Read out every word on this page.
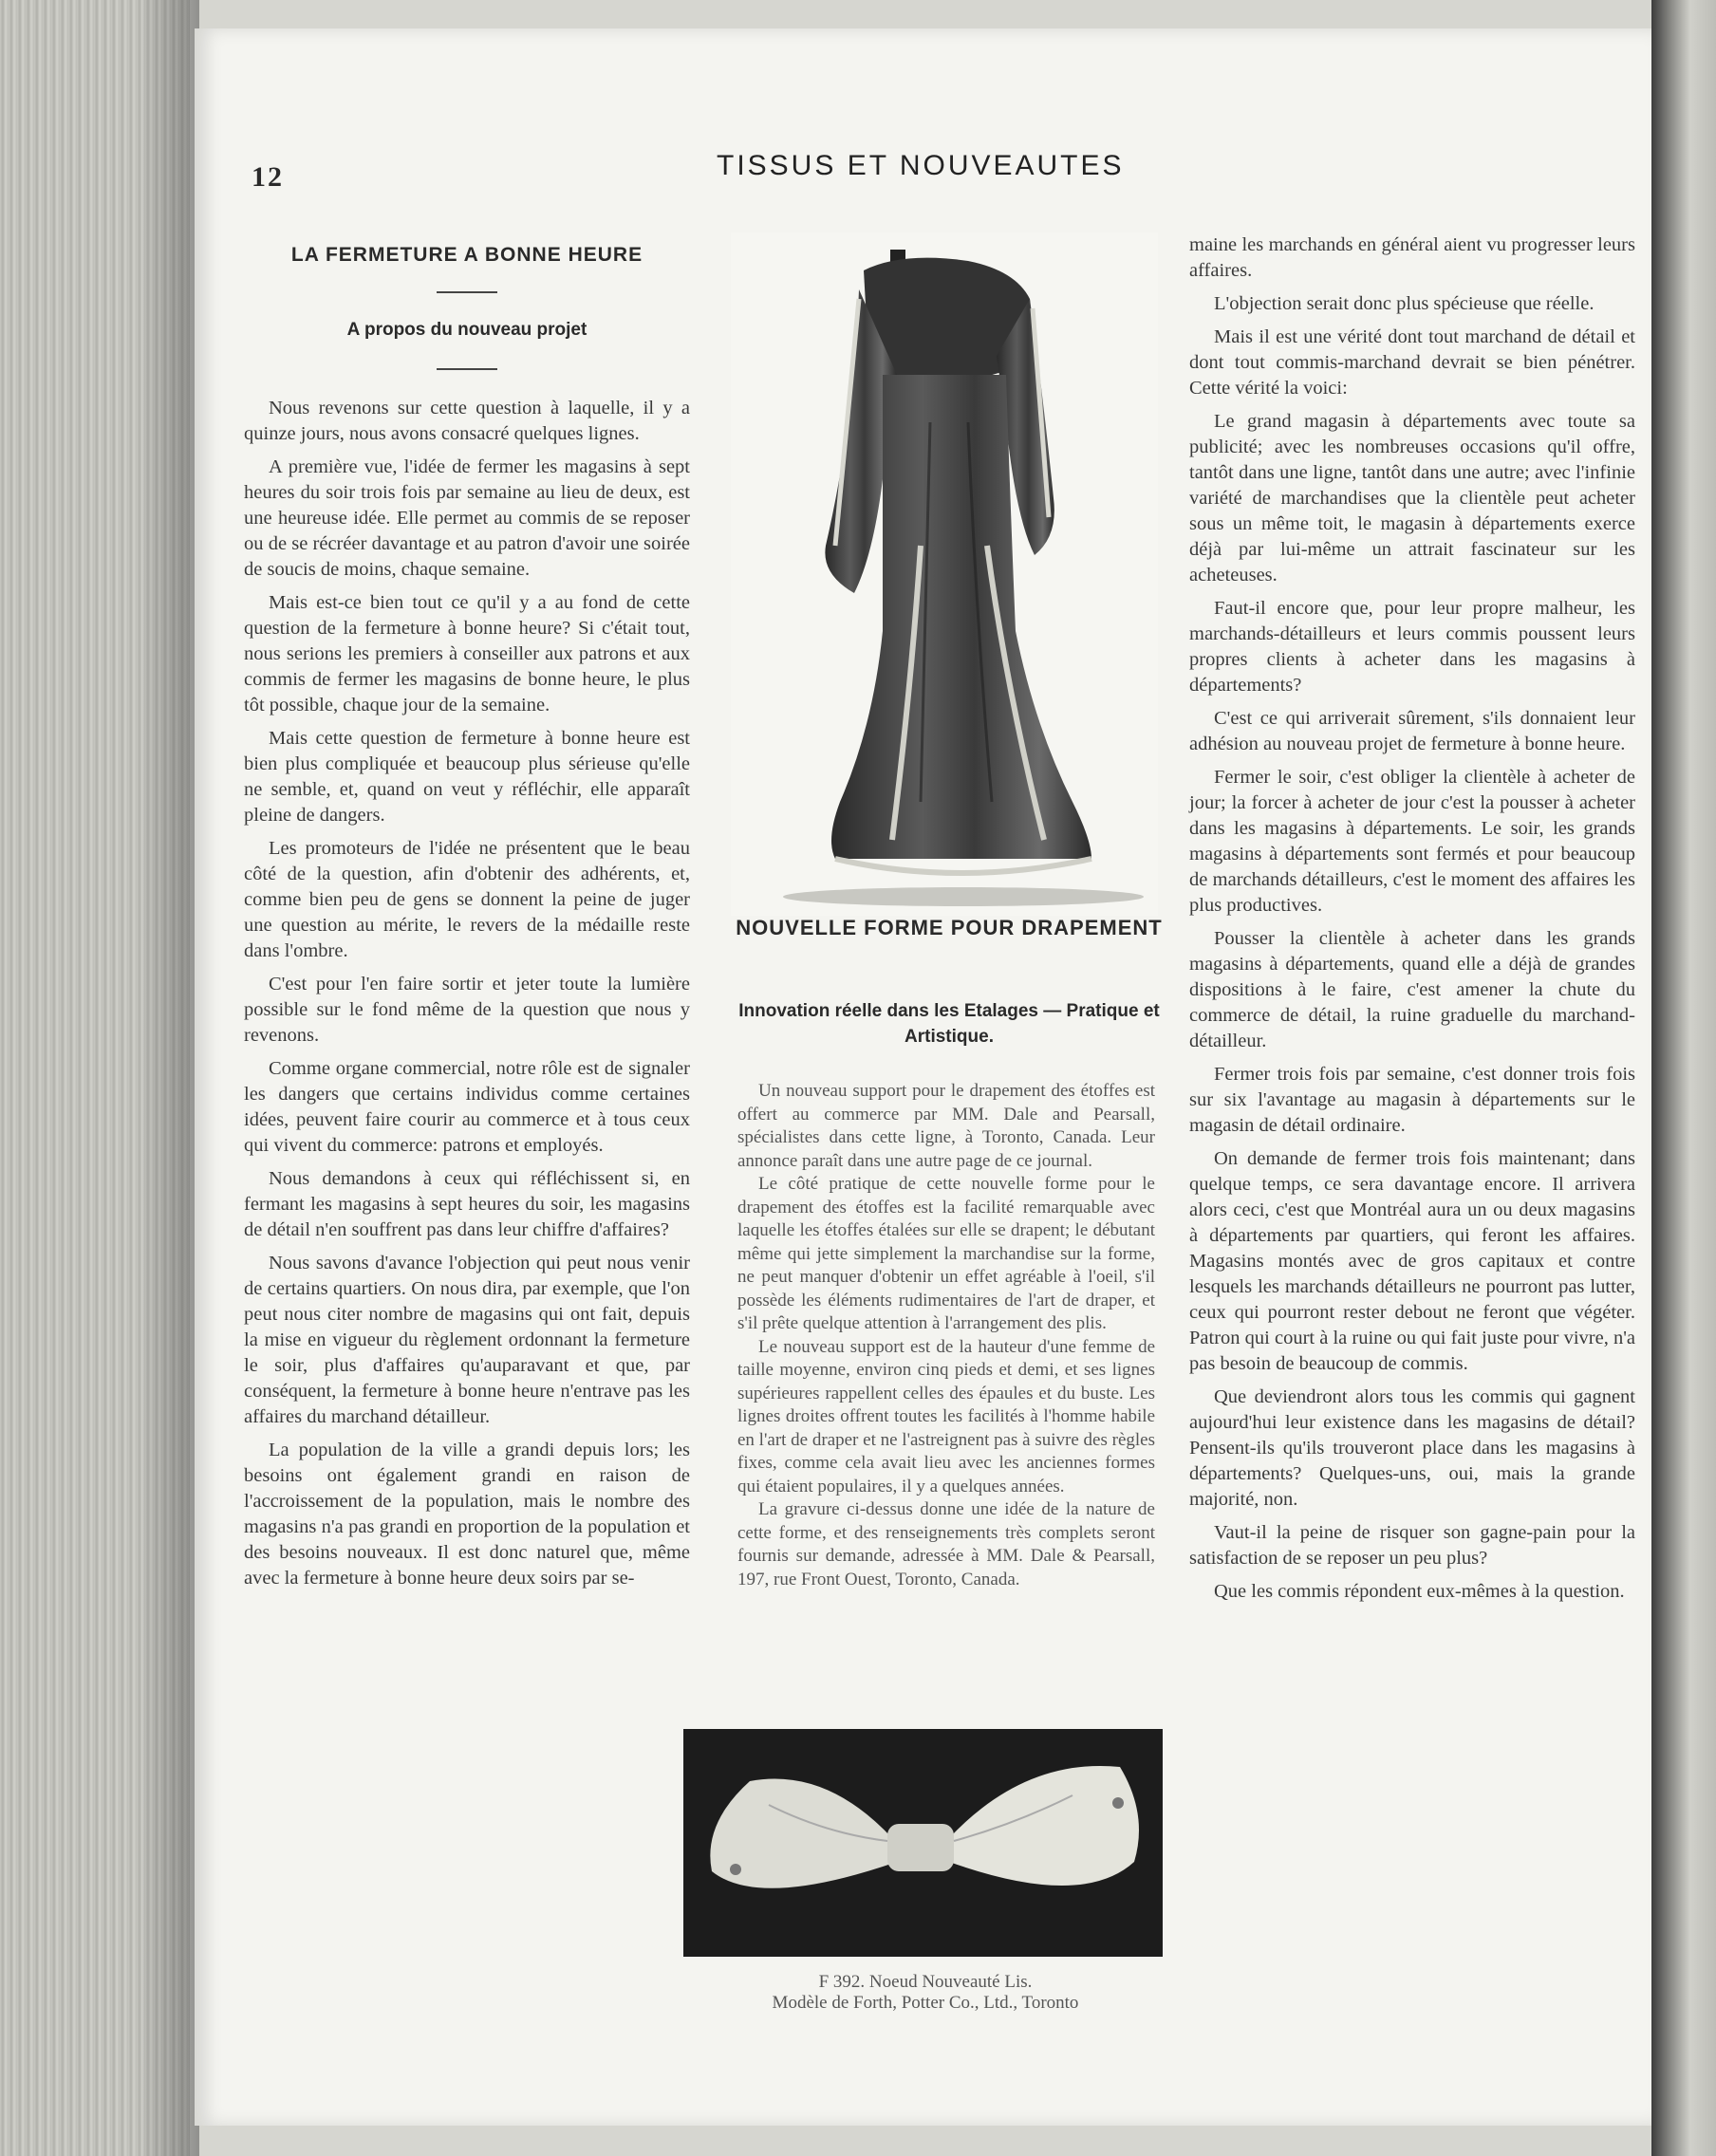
12	TISSUS ET NOUVEAUTES
LA FERMETURE A BONNE HEURE
A propos du nouveau projet

Nous revenons sur cette question à laquelle, il y a quinze jours, nous avons consacré quelques lignes.

A première vue, l'idée de fermer les magasins à sept heures du soir trois fois par semaine au lieu de deux, est une heureuse idée. Elle permet au commis de se reposer ou de se récréer davantage et au patron d'avoir une soirée de soucis de moins, chaque semaine.

Mais est-ce bien tout ce qu'il y a au fond de cette question de la fermeture à bonne heure? Si c'était tout, nous serions les premiers à conseiller aux patrons et aux commis de fermer les magasins de bonne heure, le plus tôt possible, chaque jour de la semaine.

Mais cette question de fermeture à bonne heure est bien plus compliquée et beaucoup plus sérieuse qu'elle ne semble, et, quand on veut y réfléchir, elle apparaît pleine de dangers.

Les promoteurs de l'idée ne présentent que le beau côté de la question, afin d'obtenir des adhérents, et, comme bien peu de gens se donnent la peine de juger une question au mérite, le revers de la médaille reste dans l'ombre.

C'est pour l'en faire sortir et jeter toute la lumière possible sur le fond même de la question que nous y revenons.

Comme organe commercial, notre rôle est de signaler les dangers que certains individus comme certaines idées, peuvent faire courir au commerce et à tous ceux qui vivent du commerce: patrons et employés.

Nous demandons à ceux qui réfléchissent si, en fermant les magasins à sept heures du soir, les magasins de détail n'en souffrent pas dans leur chiffre d'affaires?

Nous savons d'avance l'objection qui peut nous venir de certains quartiers. On nous dira, par exemple, que l'on peut nous citer nombre de magasins qui ont fait, depuis la mise en vigueur du règlement ordonnant la fermeture le soir, plus d'affaires qu'auparavant et que, par conséquent, la fermeture à bonne heure n'entrave pas les affaires du marchand détailleur.

La population de la ville a grandi depuis lors; les besoins ont également grandi en raison de l'accroissement de la population, mais le nombre des magasins n'a pas grandi en proportion de la population et des besoins nouveaux. Il est donc naturel que, même avec la fermeture à bonne heure deux soirs par se-

NOUVELLE FORME POUR DRAPEMENT
Innovation réelle dans les Etalages — Pratique et Artistique.

Un nouveau support pour le drapement des étoffes est offert au commerce par MM. Dale and Pearsall, spécialistes dans cette ligne, à Toronto, Canada. Leur annonce paraît dans une autre page de ce journal.

Le côté pratique de cette nouvelle forme pour le drapement des étoffes est la facilité remarquable avec laquelle les étoffes étalées sur elle se drapent; le débutant même qui jette simplement la marchandise sur la forme, ne peut manquer d'obtenir un effet agréable à l'oeil, s'il possède les éléments rudimentaires de l'art de draper, et s'il prête quelque attention à l'arrangement des plis.

Le nouveau support est de la hauteur d'une femme de taille moyenne, environ cinq pieds et demi, et ses lignes supérieures rappellent celles des épaules et du buste. Les lignes droites offrent toutes les facilités à l'homme habile en l'art de draper et ne l'astreignent pas à suivre des règles fixes, comme cela avait lieu avec les anciennes formes qui étaient populaires, il y a quelques années.

La gravure ci-dessus donne une idée de la nature de cette forme, et des renseignements très complets seront fournis sur demande, adressée à MM. Dale & Pearsall, 197, rue Front Ouest, Toronto, Canada.

F 392. Noeud Nouveauté Lis.
Modèle de Forth, Potter Co., Ltd., Toronto

maine les marchands en général aient vu progresser leurs affaires.

L'objection serait donc plus spécieuse que réelle.

Mais il est une vérité dont tout marchand de détail et dont tout commis-marchand devrait se bien pénétrer. Cette vérité la voici:

Le grand magasin à départements avec toute sa publicité; avec les nombreuses occasions qu'il offre, tantôt dans une ligne, tantôt dans une autre; avec l'infinie variété de marchandises que la clientèle peut acheter sous un même toit, le magasin à départements exerce déjà par lui-même un attrait fascinateur sur les acheteuses.

Faut-il encore que, pour leur propre malheur, les marchands-détailleurs et leurs commis poussent leurs propres clients à acheter dans les magasins à départements?

C'est ce qui arriverait sûrement, s'ils donnaient leur adhésion au nouveau projet de fermeture à bonne heure.

Fermer le soir, c'est obliger la clientèle à acheter de jour; la forcer à acheter de jour c'est la pousser à acheter dans les magasins à départements. Le soir, les grands magasins à départements sont fermés et pour beaucoup de marchands détailleurs, c'est le moment des affaires les plus productives.

Pousser la clientèle à acheter dans les grands magasins à départements, quand elle a déjà de grandes dispositions à le faire, c'est amener la chute du commerce de détail, la ruine graduelle du marchand-détailleur.

Fermer trois fois par semaine, c'est donner trois fois sur six l'avantage au magasin à départements sur le magasin de détail ordinaire.

On demande de fermer trois fois maintenant; dans quelque temps, ce sera davantage encore. Il arrivera alors ceci, c'est que Montréal aura un ou deux magasins à départements par quartiers, qui feront les affaires. Magasins montés avec de gros capitaux et contre lesquels les marchands détailleurs ne pourront pas lutter, ceux qui pourront rester debout ne feront que végéter. Patron qui court à la ruine ou qui fait juste pour vivre, n'a pas besoin de beaucoup de commis.

Que deviendront alors tous les commis qui gagnent aujourd'hui leur existence dans les magasins de détail? Pensent-ils qu'ils trouveront place dans les magasins à départements? Quelques-uns, oui, mais la grande majorité, non.

Vaut-il la peine de risquer son gagne-pain pour la satisfaction de se reposer un peu plus?

Que les commis répondent eux-mêmes à la question.
